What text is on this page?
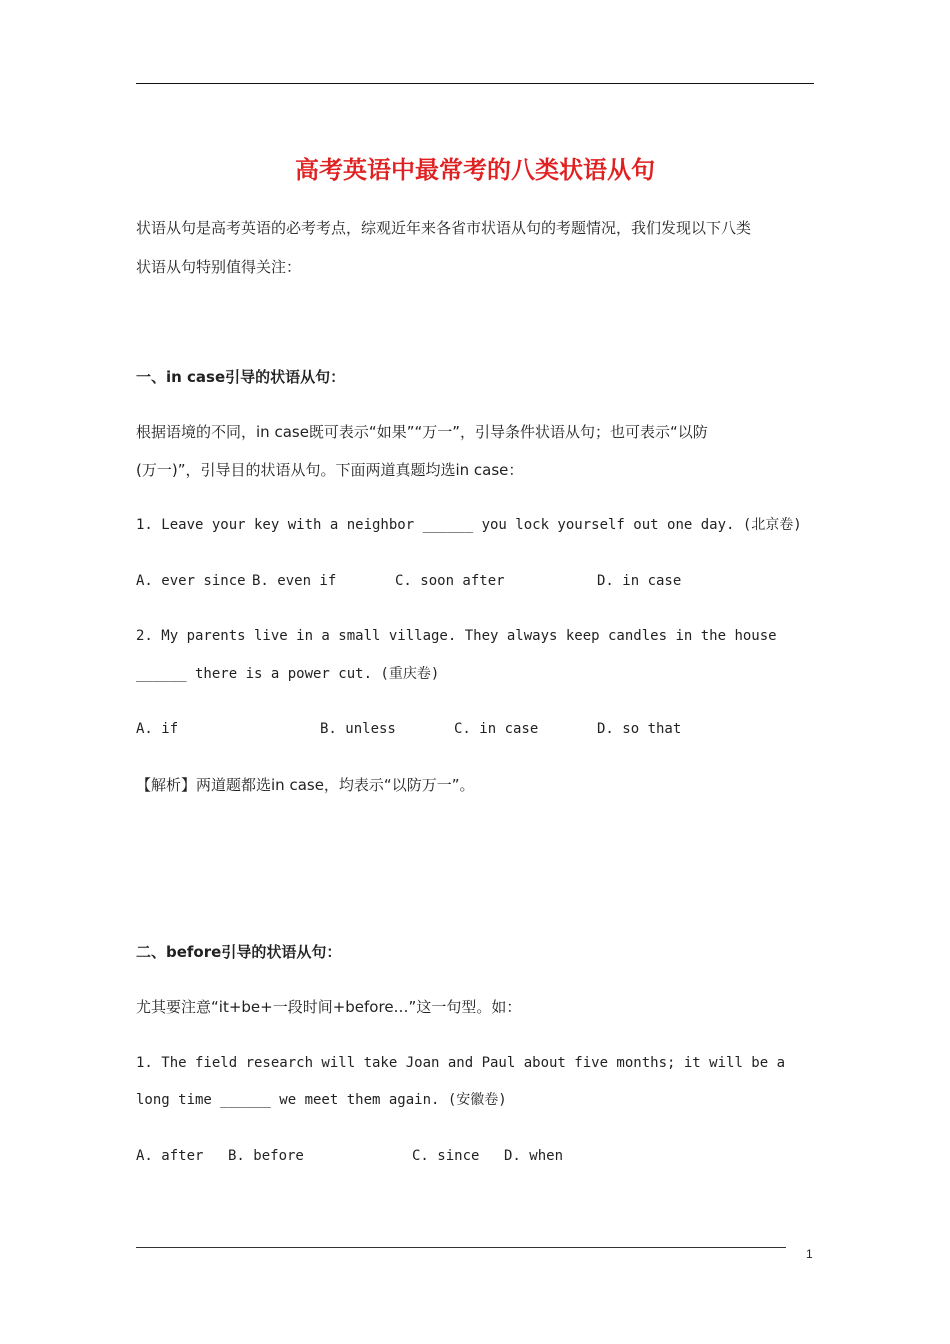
高考英语中最常考的八类状语从句
状语从句是高考英语的必考考点，综观近年来各省市状语从句的考题情况，我们发现以下八类
状语从句特别值得关注：
一、in case引导的状语从句：
根据语境的不同，in case既可表示“如果”“万一”，引导条件状语从句；也可表示“以防
(万一)”，引导目的状语从句。下面两道真题均选in case：
1. Leave your key with a neighbor ______ you lock yourself out one day. (北京卷)
A. ever since B. even if	C. soon after	D. in case
2. My parents live in a small village. They always keep candles in the house
______ there is a power cut. (重庆卷)
A. if	B. unless	C. in case	D. so that
【解析】两道题都选in case，均表示“以防万一”。
二、before引导的状语从句：
尤其要注意“it+be+一段时间+before…”这一句型。如：
1. The field research will take Joan and Paul about five months; it will be a
long time ______ we meet them again. (安徽卷)
A. after B. before	C. since D. when
1
